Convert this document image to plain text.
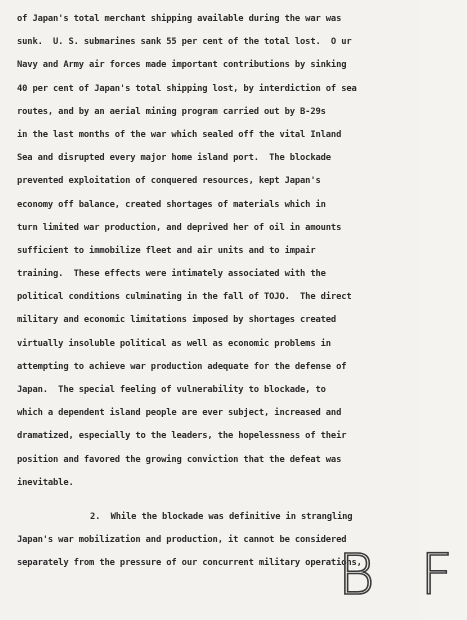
of Japan's total merchant shipping available during the war was
sunk.  U. S. submarines sank 55 per cent of the total lost.  O ur
Navy and Army air forces made important contributions by sinking
40 per cent of Japan's total shipping lost, by interdiction of sea
routes, and by an aerial mining program carried out by B-29s
in the last months of the war which sealed off the vital Inland
Sea and disrupted every major home island port.  The blockade
prevented exploitation of conquered resources, kept Japan's
economy off balance, created shortages of materials which in
turn limited war production, and deprived her of oil in amounts
sufficient to immobilize fleet and air units and to impair
training.  These effects were intimately associated with the
political conditions culminating in the fall of TOJO.  The direct
military and economic limitations imposed by shortages created
virtually insoluble political as well as economic problems in
attempting to achieve war production adequate for the defense of
Japan.  The special feeling of vulnerability to blockade, to
which a dependent island people are ever subject, increased and
dramatized, especially to the leaders, the hopelessness of their
position and favored the growing conviction that the defeat was
inevitable.
2.  While the blockade was definitive in strangling
Japan's war mobilization and production, it cannot be considered
separately from the pressure of our concurrent military operations,
B F
